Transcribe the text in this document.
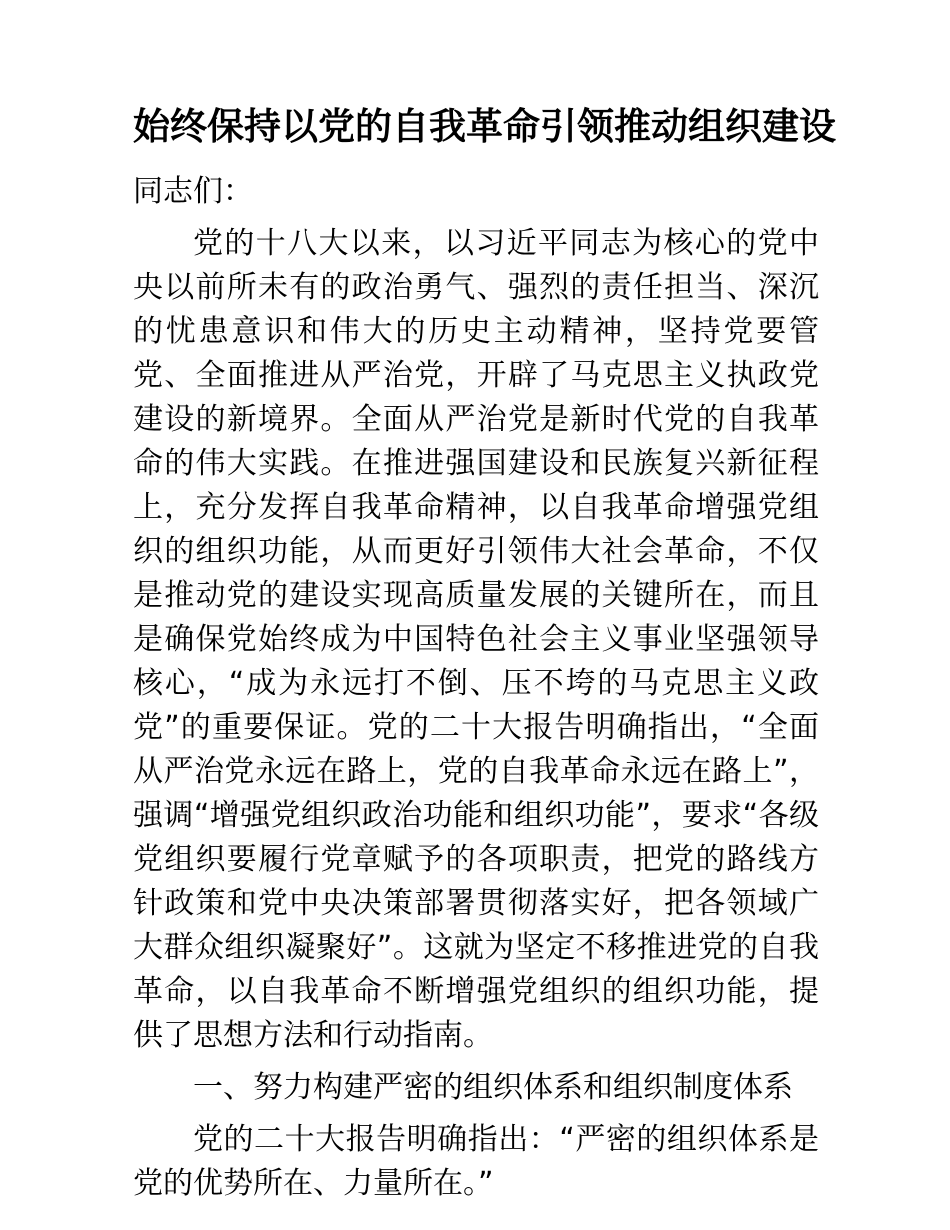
始终保持以党的自我革命引领推动组织建设

同志们：

党的十八大以来，以习近平同志为核心的党中央以前所未有的政治勇气、强烈的责任担当、深沉的忧患意识和伟大的历史主动精神，坚持党要管党、全面推进从严治党，开辟了马克思主义执政党建设的新境界。全面从严治党是新时代党的自我革命的伟大实践。在推进强国建设和民族复兴新征程上，充分发挥自我革命精神，以自我革命增强党组织的组织功能，从而更好引领伟大社会革命，不仅是推动党的建设实现高质量发展的关键所在，而且是确保党始终成为中国特色社会主义事业坚强领导核心，“成为永远打不倒、压不垮的马克思主义政党”的重要保证。党的二十大报告明确指出，“全面从严治党永远在路上，党的自我革命永远在路上”，强调“增强党组织政治功能和组织功能”，要求“各级党组织要履行党章赋予的各项职责，把党的路线方针政策和党中央决策部署贯彻落实好，把各领域广大群众组织凝聚好”。这就为坚定不移推进党的自我革命，以自我革命不断增强党组织的组织功能，提供了思想方法和行动指南。

一、努力构建严密的组织体系和组织制度体系

党的二十大报告明确指出：“严密的组织体系是党的优势所在、力量所在。”
